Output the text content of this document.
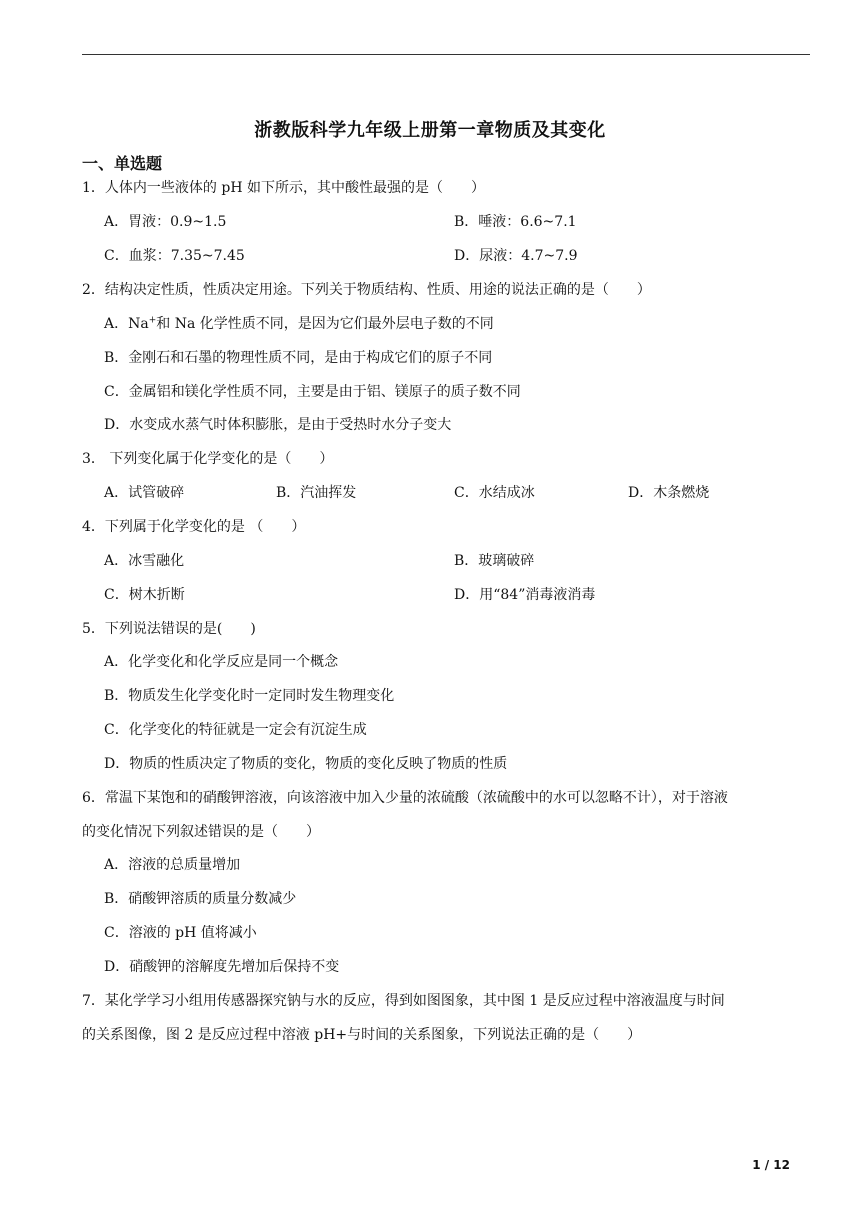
浙教版科学九年级上册第一章物质及其变化
一、单选题
1．人体内一些液体的 pH 如下所示，其中酸性最强的是（　　）
A．胃液：0.9~1.5	B．唾液：6.6~7.1
C．血浆：7.35~7.45	D．尿液：4.7~7.9
2．结构决定性质，性质决定用途。下列关于物质结构、性质、用途的说法正确的是（　　）
A．Na+和 Na 化学性质不同，是因为它们最外层电子数的不同
B．金刚石和石墨的物理性质不同，是由于构成它们的原子不同
C．金属铝和镁化学性质不同，主要是由于铝、镁原子的质子数不同
D．水变成水蒸气时体积膨胀，是由于受热时水分子变大
3． 下列变化属于化学变化的是（　　）
A．试管破碎	B．汽油挥发	C．水结成冰	D．木条燃烧
4．下列属于化学变化的是 （　　）
A．冰雪融化	B．玻璃破碎
C．树木折断	D．用“84”消毒液消毒
5．下列说法错误的是(　　)
A．化学变化和化学反应是同一个概念
B．物质发生化学变化时一定同时发生物理变化
C．化学变化的特征就是一定会有沉淀生成
D．物质的性质决定了物质的变化，物质的变化反映了物质的性质
6．常温下某饱和的硝酸钾溶液，向该溶液中加入少量的浓硫酸（浓硫酸中的水可以忽略不计），对于溶液
的变化情况下列叙述错误的是（　　）
A．溶液的总质量增加
B．硝酸钾溶质的质量分数减少
C．溶液的 pH 值将减小
D．硝酸钾的溶解度先增加后保持不变
7．某化学学习小组用传感器探究钠与水的反应，得到如图图象，其中图 1 是反应过程中溶液温度与时间
的关系图像，图 2 是反应过程中溶液 pH+与时间的关系图象，下列说法正确的是（　　）
1 / 12
